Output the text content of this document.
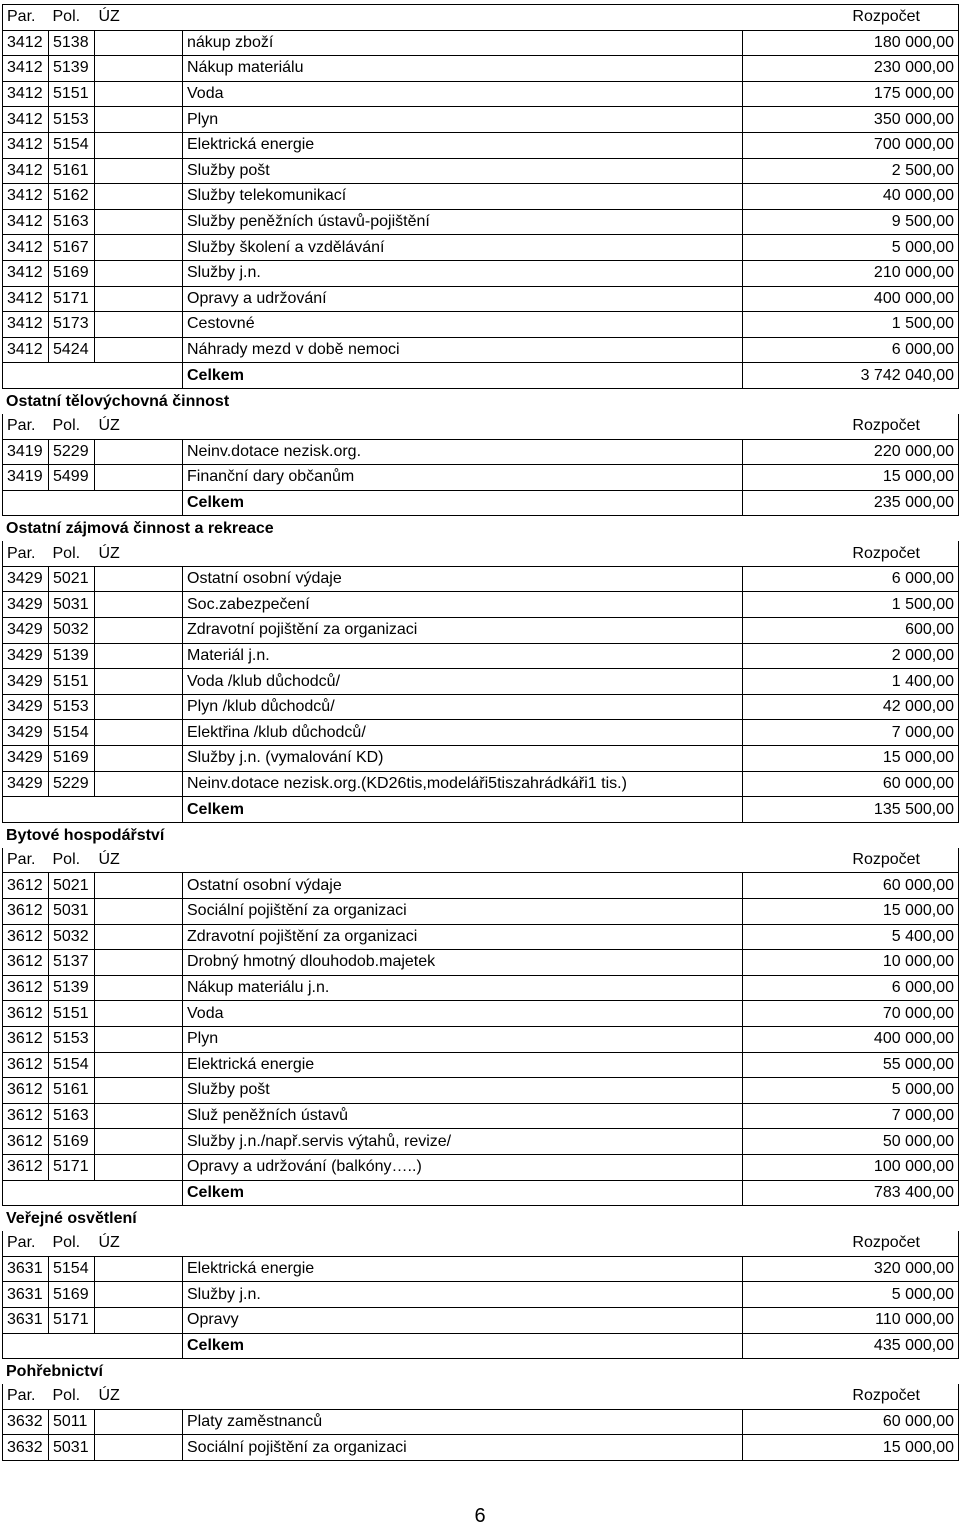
Par.	Pol.	ÚZ		Rozpočet
3412	5138		nákup zboží	180 000,00
3412	5139		Nákup materiálu	230 000,00
3412	5151		Voda	175 000,00
3412	5153		Plyn	350 000,00
3412	5154		Elektrická energie	700 000,00
3412	5161		Služby pošt	2 500,00
3412	5162		Služby telekomunikací	40 000,00
3412	5163		Služby peněžních ústavů-pojištění	9 500,00
3412	5167		Služby školení a vzdělávání	5 000,00
3412	5169		Služby j.n.	210 000,00
3412	5171		Opravy a udržování	400 000,00
3412	5173		Cestovné	1 500,00
3412	5424		Náhrady mezd v době nemoci	6 000,00
			Celkem	3 742 040,00
Ostatní tělovýchovná činnost
Par.	Pol.	ÚZ		Rozpočet
3419	5229		Neinv.dotace nezisk.org.	220 000,00
3419	5499		Finanční dary občanům	15 000,00
			Celkem	235 000,00
Ostatní zájmová činnost a rekreace
Par.	Pol.	ÚZ		Rozpočet
3429	5021		Ostatní osobní výdaje	6 000,00
3429	5031		Soc.zabezpečení	1 500,00
3429	5032		Zdravotní pojištění za organizaci	600,00
3429	5139		Materiál j.n.	2 000,00
3429	5151		Voda /klub důchodců/	1 400,00
3429	5153		Plyn /klub důchodců/	42 000,00
3429	5154		Elektřina /klub důchodců/	7 000,00
3429	5169		Služby j.n. (vymalování KD)	15 000,00
3429	5229		Neinv.dotace nezisk.org.(KD26tis,modeláři5tiszahrádkáři1 tis.)	60 000,00
			Celkem	135 500,00
Bytové hospodářství
Par.	Pol.	ÚZ		Rozpočet
3612	5021		Ostatní osobní výdaje	60 000,00
3612	5031		Sociální pojištění za organizaci	15 000,00
3612	5032		Zdravotní pojištění za organizaci	5 400,00
3612	5137		Drobný hmotný dlouhodob.majetek	10 000,00
3612	5139		Nákup materiálu j.n.	6 000,00
3612	5151		Voda	70 000,00
3612	5153		Plyn	400 000,00
3612	5154		Elektrická energie	55 000,00
3612	5161		Služby pošt	5 000,00
3612	5163		Služ peněžních ústavů	7 000,00
3612	5169		Služby j.n./např.servis výtahů, revize/	50 000,00
3612	5171		Opravy a udržování (balkóny…..)	100 000,00
			Celkem	783 400,00
Veřejné osvětlení
Par.	Pol.	ÚZ		Rozpočet
3631	5154		Elektrická energie	320 000,00
3631	5169		Služby j.n.	5 000,00
3631	5171		Opravy	110 000,00
			Celkem	435 000,00
Pohřebnictví
Par.	Pol.	ÚZ		Rozpočet
3632	5011		Platy zaměstnanců	60 000,00
3632	5031		Sociální pojištění za organizaci	15 000,00
6
